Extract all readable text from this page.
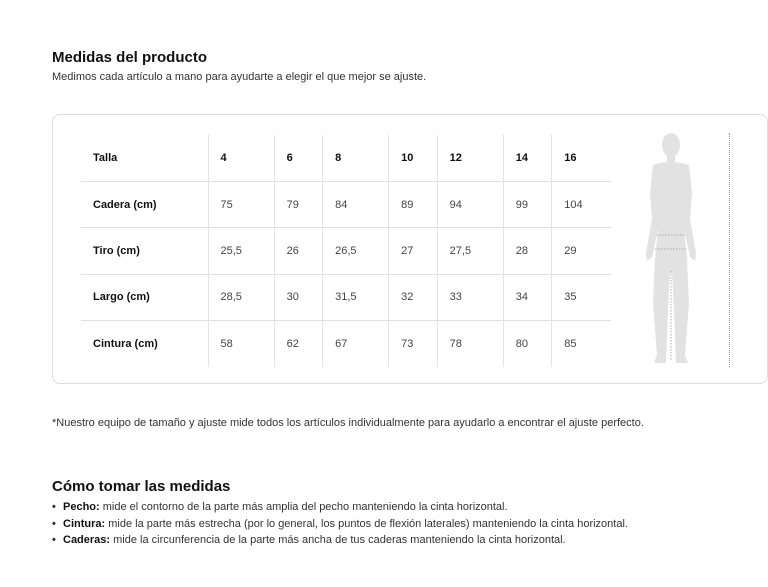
Medidas del producto
Medimos cada artículo a mano para ayudarte a elegir el que mejor se ajuste.
Talla	4	6	8	10	12	14	16
Cadera (cm)	75	79	84	89	94	99	104
Tiro (cm)	25,5	26	26,5	27	27,5	28	29
Largo (cm)	28,5	30	31,5	32	33	34	35
Cintura (cm)	58	62	67	73	78	80	85
*Nuestro equipo de tamaño y ajuste mide todos los artículos individualmente para ayudarlo a encontrar el ajuste perfecto.
Cómo tomar las medidas
• Pecho: mide el contorno de la parte más amplia del pecho manteniendo la cinta horizontal.
• Cintura: mide la parte más estrecha (por lo general, los puntos de flexión laterales) manteniendo la cinta horizontal.
• Caderas: mide la circunferencia de la parte más ancha de tus caderas manteniendo la cinta horizontal.
